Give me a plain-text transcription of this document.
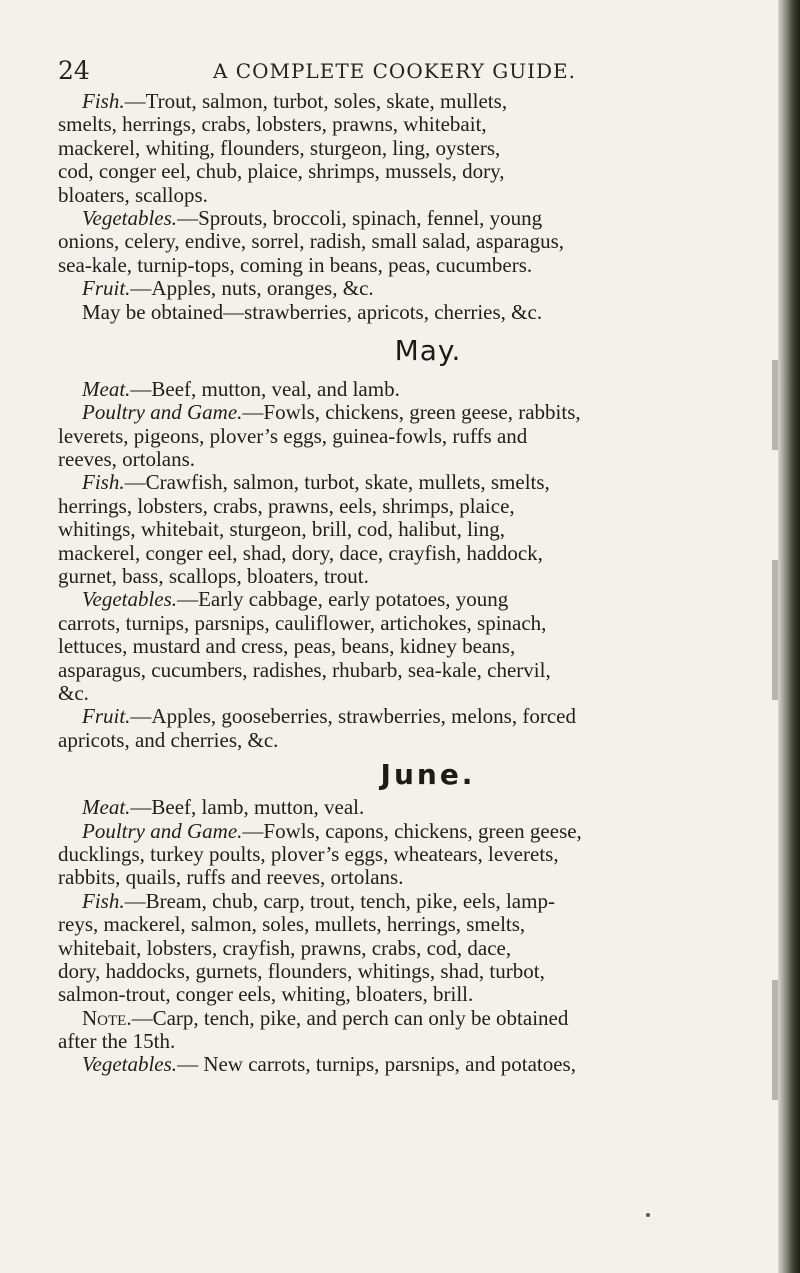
24	A COMPLETE COOKERY GUIDE.
Fish.—Trout, salmon, turbot, soles, skate, mullets,
smelts, herrings, crabs, lobsters, prawns, whitebait,
mackerel, whiting, flounders, sturgeon, ling, oysters,
cod, conger eel, chub, plaice, shrimps, mussels, dory,
bloaters, scallops.
Vegetables.—Sprouts, broccoli, spinach, fennel, young
onions, celery, endive, sorrel, radish, small salad, asparagus,
sea-kale, turnip-tops, coming in beans, peas, cucumbers.
Fruit.—Apples, nuts, oranges, &c.
May be obtained—strawberries, apricots, cherries, &c.
May.
Meat.—Beef, mutton, veal, and lamb.
Poultry and Game.—Fowls, chickens, green geese, rabbits,
leverets, pigeons, plover’s eggs, guinea-fowls, ruffs and
reeves, ortolans.
Fish.—Crawfish, salmon, turbot, skate, mullets, smelts,
herrings, lobsters, crabs, prawns, eels, shrimps, plaice,
whitings, whitebait, sturgeon, brill, cod, halibut, ling,
mackerel, conger eel, shad, dory, dace, crayfish, haddock,
gurnet, bass, scallops, bloaters, trout.
Vegetables.—Early cabbage, early potatoes, young
carrots, turnips, parsnips, cauliflower, artichokes, spinach,
lettuces, mustard and cress, peas, beans, kidney beans,
asparagus, cucumbers, radishes, rhubarb, sea-kale, chervil,
&c.
Fruit.—Apples, gooseberries, strawberries, melons, forced
apricots, and cherries, &c.
June.
Meat.—Beef, lamb, mutton, veal.
Poultry and Game.—Fowls, capons, chickens, green geese,
ducklings, turkey poults, plover’s eggs, wheatears, leverets,
rabbits, quails, ruffs and reeves, ortolans.
Fish.—Bream, chub, carp, trout, tench, pike, eels, lamp-
reys, mackerel, salmon, soles, mullets, herrings, smelts,
whitebait, lobsters, crayfish, prawns, crabs, cod, dace,
dory, haddocks, gurnets, flounders, whitings, shad, turbot,
salmon-trout, conger eels, whiting, bloaters, brill.
Note.—Carp, tench, pike, and perch can only be obtained
after the 15th.
Vegetables.— New carrots, turnips, parsnips, and potatoes,
